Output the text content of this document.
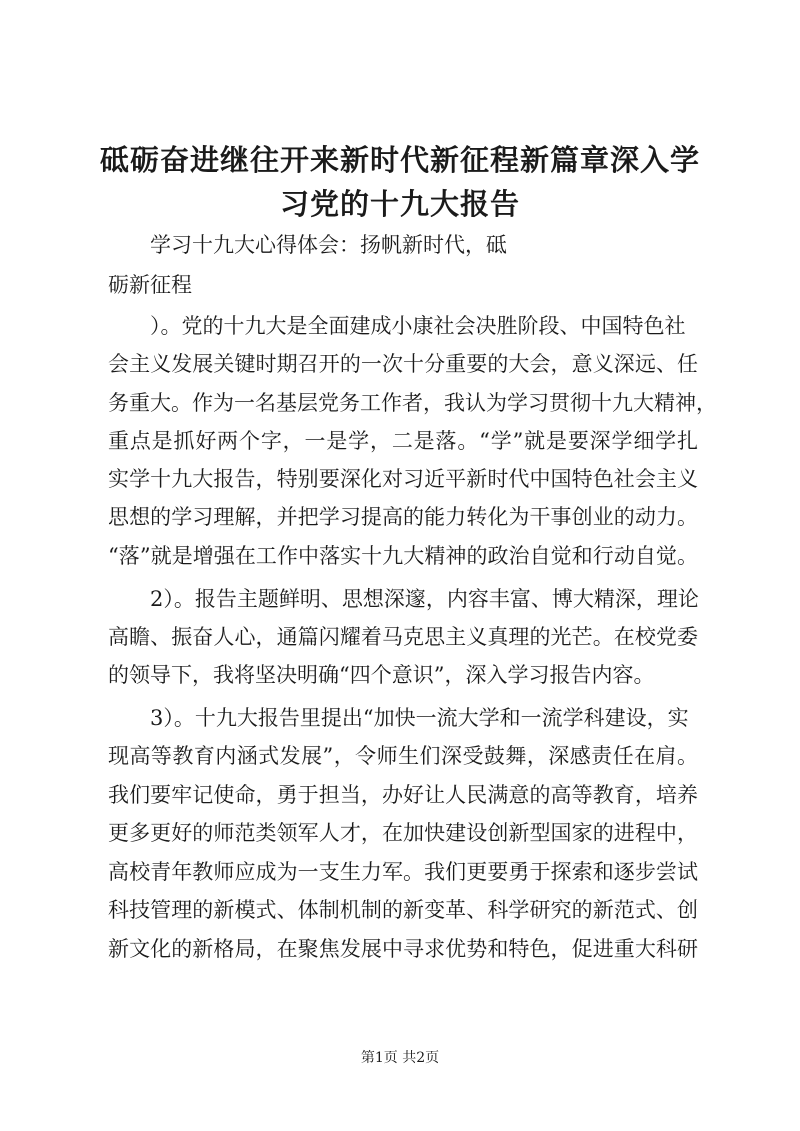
砥砺奋进继往开来新时代新征程新篇章深入学
习党的十九大报告

学习十九大心得体会：扬帆新时代，砥

砺新征程

）。党的十九大是全面建成小康社会决胜阶段、中国特色社

会主义发展关键时期召开的一次十分重要的大会，意义深远、任

务重大。作为一名基层党务工作者，我认为学习贯彻十九大精神，

重点是抓好两个字，一是学，二是落。“学”就是要深学细学扎

实学十九大报告，特别要深化对习近平新时代中国特色社会主义

思想的学习理解，并把学习提高的能力转化为干事创业的动力。

“落”就是增强在工作中落实十九大精神的政治自觉和行动自觉。

2）。报告主题鲜明、思想深邃，内容丰富、博大精深，理论

高瞻、振奋人心，通篇闪耀着马克思主义真理的光芒。在校党委

的领导下，我将坚决明确“四个意识”，深入学习报告内容。

3）。十九大报告里提出“加快一流大学和一流学科建设，实

现高等教育内涵式发展”，令师生们深受鼓舞，深感责任在肩。

我们要牢记使命，勇于担当，办好让人民满意的高等教育，培养

更多更好的师范类领军人才，在加快建设创新型国家的进程中，

高校青年教师应成为一支生力军。我们更要勇于探索和逐步尝试

科技管理的新模式、体制机制的新变革、科学研究的新范式、创

新文化的新格局，在聚焦发展中寻求优势和特色，促进重大科研

第1页 共2页
